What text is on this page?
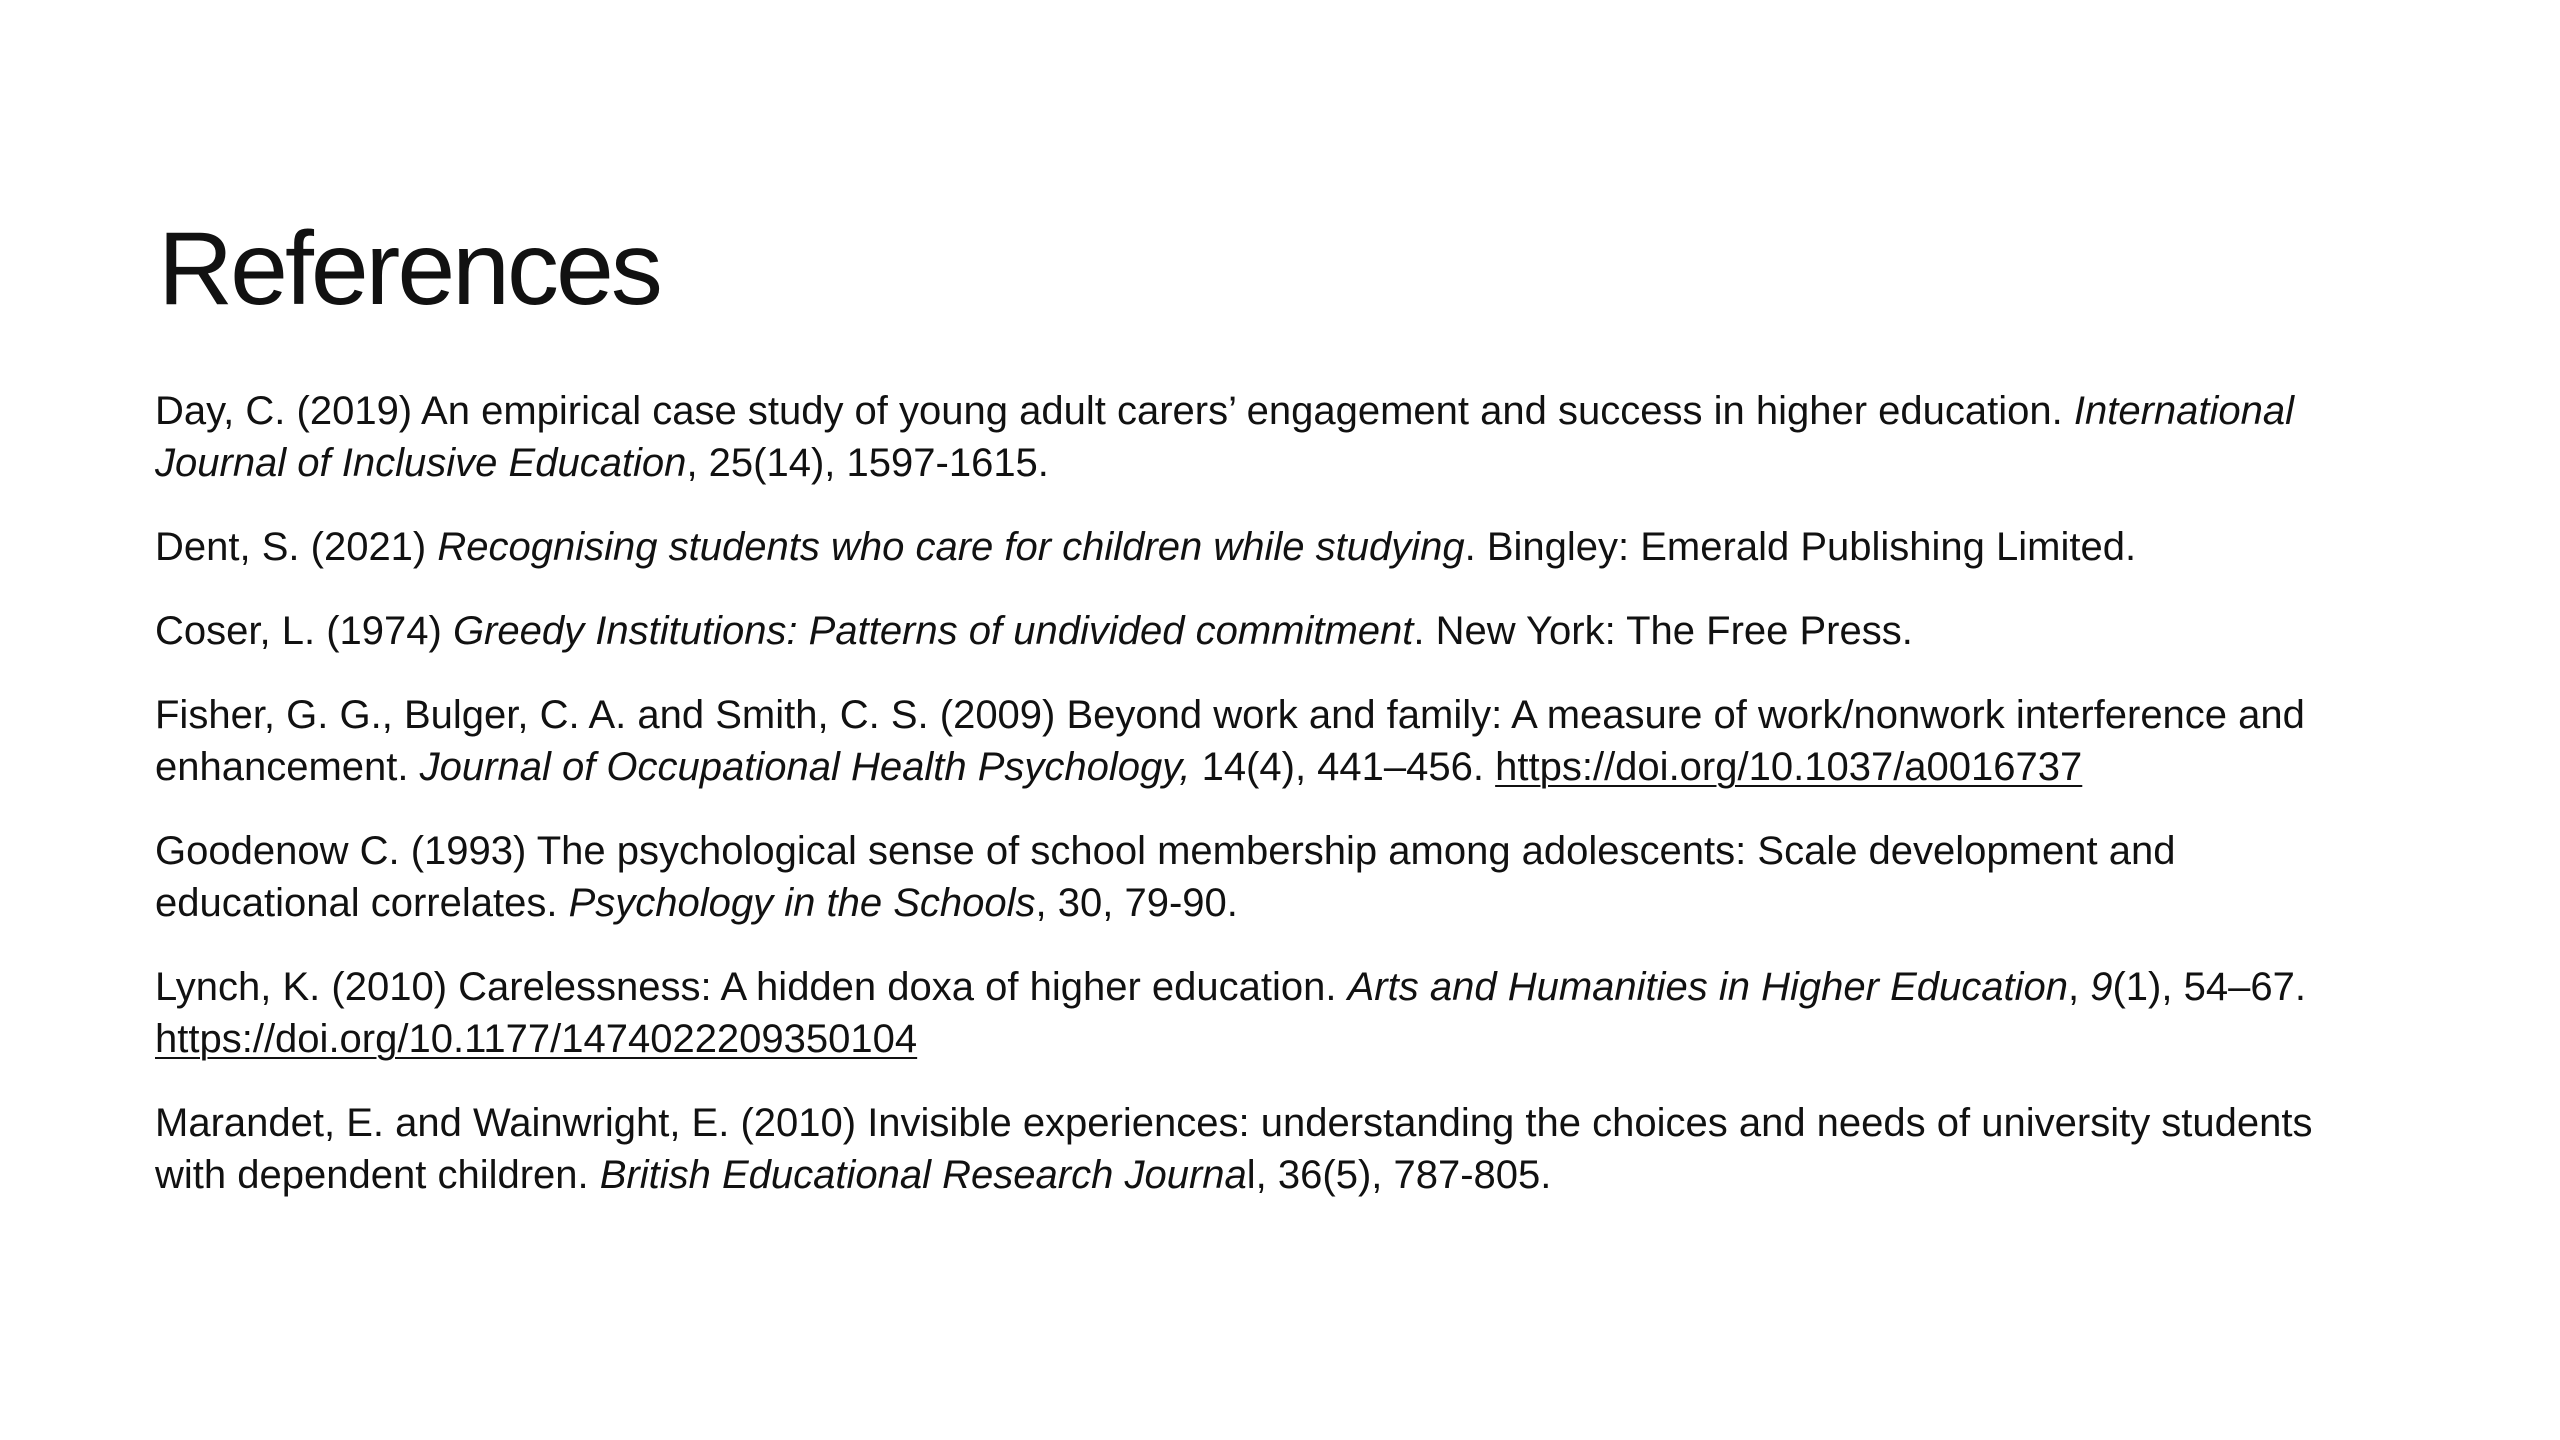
References
Day, C. (2019) An empirical case study of young adult carers’ engagement and success in higher education. International Journal of Inclusive Education, 25(14), 1597-1615.
Dent, S. (2021) Recognising students who care for children while studying. Bingley: Emerald Publishing Limited.
Coser, L. (1974) Greedy Institutions: Patterns of undivided commitment. New York: The Free Press.
Fisher, G. G., Bulger, C. A. and Smith, C. S. (2009) Beyond work and family: A measure of work/nonwork interference and enhancement. Journal of Occupational Health Psychology, 14(4), 441–456. https://doi.org/10.1037/a0016737
Goodenow C. (1993) The psychological sense of school membership among adolescents: Scale development and educational correlates. Psychology in the Schools, 30, 79-90.
Lynch, K. (2010) Carelessness: A hidden doxa of higher education. Arts and Humanities in Higher Education, 9(1), 54–67. https://doi.org/10.1177/1474022209350104
Marandet, E. and Wainwright, E. (2010) Invisible experiences: understanding the choices and needs of university students with dependent children. British Educational Research Journal, 36(5), 787-805.
